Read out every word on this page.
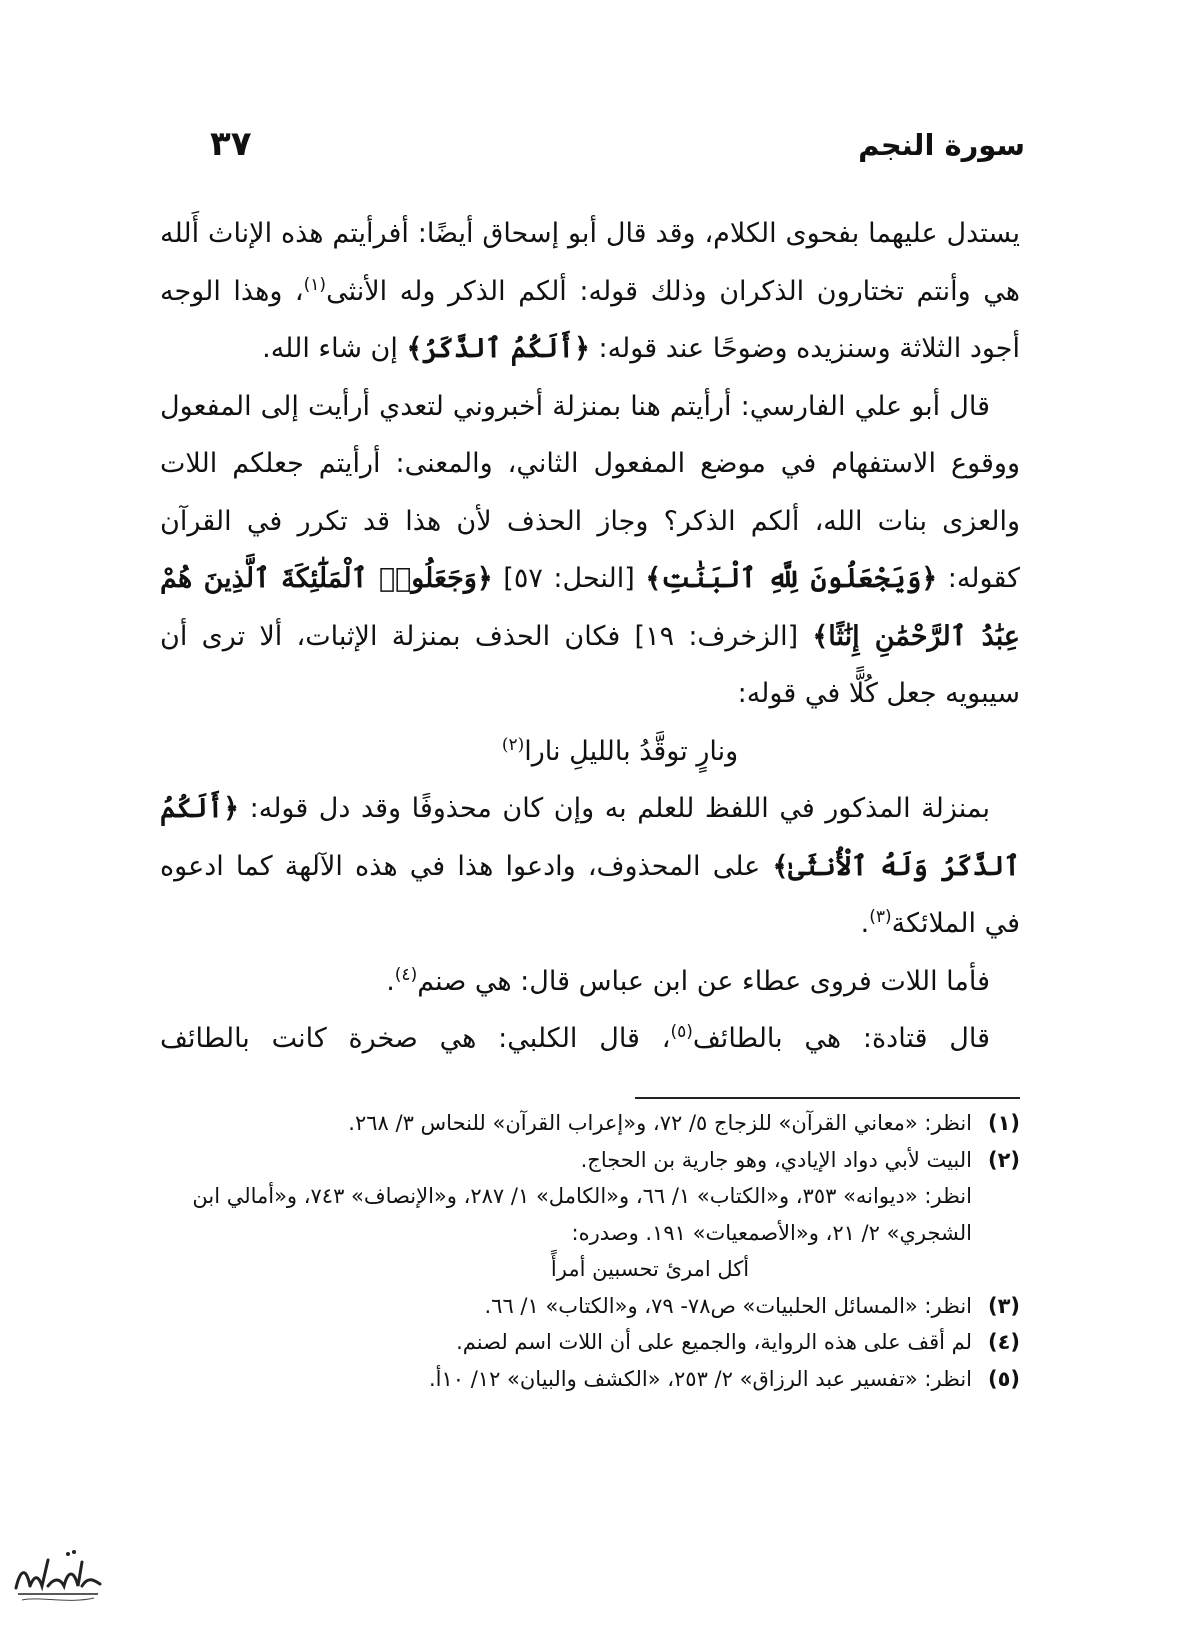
سورة النجم
٣٧

يستدل عليهما بفحوى الكلام، وقد قال أبو إسحاق أيضًا: أفرأيتم هذه الإناث أَلله هي وأنتم تختارون الذكران وذلك قوله: ألكم الذكر وله الأنثى$^{(١)}$، وهذا الوجه أجود الثلاثة وسنزيده وضوحًا عند قوله: ﴿أَلَكُمُ ٱلذَّكَرُ﴾ إن شاء الله.

قال أبو علي الفارسي: أرأيتم هنا بمنزلة أخبروني لتعدي أرأيت إلى المفعول ووقوع الاستفهام في موضع المفعول الثاني، والمعنى: أرأيتم جعلكم اللات والعزى بنات الله، ألكم الذكر؟ وجاز الحذف لأن هذا قد تكرر في القرآن كقوله: ﴿وَيَجْعَلُونَ لِلَّهِ ٱلْبَنَٰتِ﴾ [النحل: ٥٧] ﴿وَجَعَلُوا۟ ٱلْمَلَٰٓئِكَةَ ٱلَّذِينَ هُمْ عِبَٰدُ ٱلرَّحْمَٰنِ إِنَٰثًا﴾ [الزخرف: ١٩] فكان الحذف بمنزلة الإثبات، ألا ترى أن سيبويه جعل كُلًّا في قوله:

ونارٍ توقَّدُ بالليلِ نارا$^{(٢)}$

بمنزلة المذكور في اللفظ للعلم به وإن كان محذوفًا وقد دل قوله: ﴿أَلَكُمُ ٱلذَّكَرُ وَلَهُ ٱلْأُنثَىٰ﴾ على المحذوف، وادعوا هذا في هذه الآلهة كما ادعوه في الملائكة$^{(٣)}$.

فأما اللات فروى عطاء عن ابن عباس قال: هي صنم$^{(٤)}$.

قال قتادة: هي بالطائف$^{(٥)}$، قال الكلبي: هي صخرة كانت بالطائف

(١)
انظر: «معاني القرآن» للزجاج ٥/ ٧٢، و«إعراب القرآن» للنحاس ٣/ ٢٦٨.

(٢)
البيت لأبي دواد الإيادي، وهو جارية بن الحجاج.

انظر: «ديوانه» ٣٥٣، و«الكتاب» ١/ ٦٦، و«الكامل» ١/ ٢٨٧، و«الإنصاف» ٧٤٣، و«أمالي ابن الشجري» ٢/ ٢١، و«الأصمعيات» ١٩١. وصدره:

أكل امرئ تحسبين أمرأً

(٣)
انظر: «المسائل الحلبيات» ص٧٨- ٧٩، و«الكتاب» ١/ ٦٦.

(٤)
لم أقف على هذه الرواية، والجميع على أن اللات اسم لصنم.

(٥)
انظر: «تفسير عبد الرزاق» ٢/ ٢٥٣، «الكشف والبيان» ١٢/ ١٠أ.
